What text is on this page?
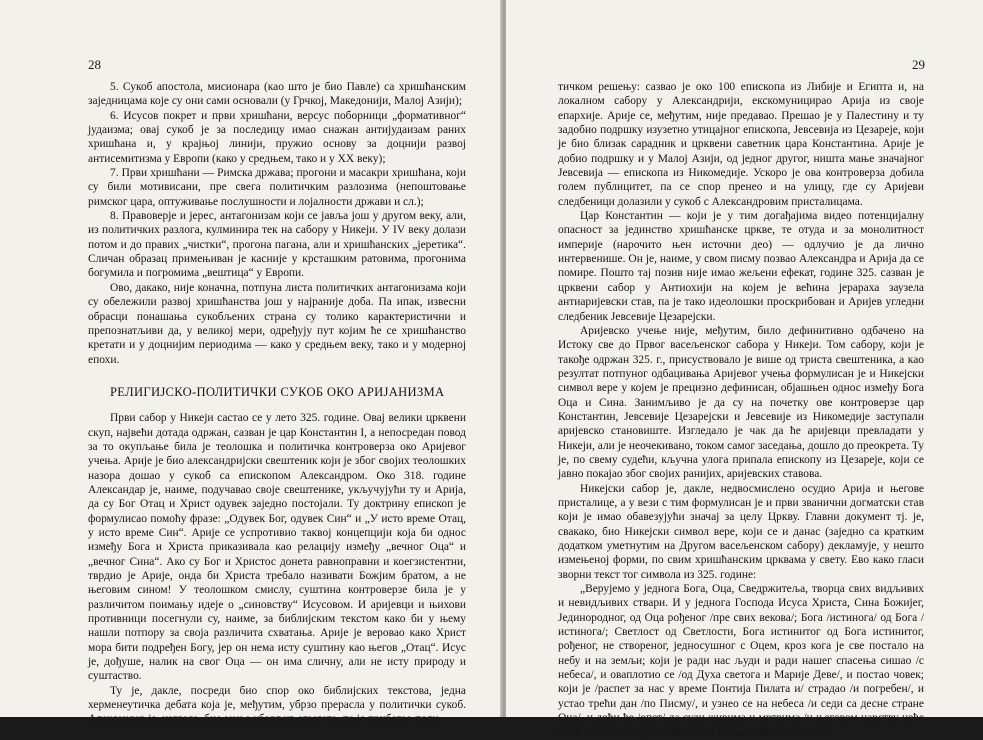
28

5. Сукоб апостола, мисионара (као што је био Павле) са хришћанским заједницама које су они сами основали (у Грчкој, Македонији, Малој Азији);

6. Исусов покрет и први хришћани, версус поборници „формативног“ јудаизма; овај сукоб је за последицу имао снажан антијудаизам раних хришћана и, у крајњој линији, пружио основу за доцнији развој антисемитизма у Европи (како у средњем, тако и у XX веку);

7. Први хришћани — Римска држава; прогони и масакри хришћана, који су били мотивисани, пре свега политичким разлозима (непоштовање римског цара, оптуживање послушности и лојалности држави и сл.);

8. Правоверје и јерес, антагонизам који се јавља још у другом веку, али, из политичких разлога, кулминира тек на сабору у Никеји. У IV веку долази потом и до правих „чистки“, прогона пагана, али и хришћанских „јеретика“. Сличан образац примењиван је касније у крсташким ратовима, прогонима богумила и погромима „вештица“ у Европи.

Ово, дакако, није коначна, потпуна листа политичких антагонизама који су обележили развој хришћанства још у најраније доба. Па ипак, извесни обрасци понашања сукобљених страна су толико карактеристични и препознатљиви да, у великој мери, одређују пут којим ће се хришћанство кретати и у доцнијим периодима — како у средњем веку, тако и у модерној епохи.

РЕЛИГИЈСКО-ПОЛИТИЧКИ СУКОБ ОКО АРИЈАНИЗМА

Први сабор у Никеји састао се у лето 325. године. Овај велики црквени скуп, највећи дотада одржан, сазван је цар Константин I, а непосредан повод за то окупљање била је теолошка и политичка контроверза око Аријевог учења. Арије је био александријски свештеник који је због својих теолошких назора дошао у сукоб са епископом Александром. Око 318. године Александар је, наиме, подучавао своје свештенике, укључујући ту и Арија, да су Бог Отац и Христ одувек заједно постојали. Ту доктрину епископ је формулисао помоћу фразе: „Одувек Бог, одувек Син“ и „У исто време Отац, у исто време Син“. Арије се успротивио таквој концепцији која би однос између Бога и Христа приказивала као релацију између „вечног Оца“ и „вечног Сина“. Ако су Бог и Христос донета равноправни и коегзистентни, тврдио је Арије, онда би Христа требало називати Божјим братом, а не његовим сином! У теолошком смислу, суштина контроверзе била је у различитом поимању идеје о „синовству“ Исусовом. И аријевци и њихови противници посегнули су, наиме, за библијским текстом како би у њему нашли потпору за своја различита схватања. Арије је веровао како Христ мора бити подређен Богу, јер он нема исту суштину као његов „Отац“. Исус је, дођуше, налик на свог Оца — он има сличну, али не исту природу и суштаство.

Ту је, дакле, посреди био спор око библијских текстова, једна херменеутичка дебата која је, међутим, убрзо прерасла у политички сукоб. Александар је, изгледа, био мање убедљив егзегета, па је прибегао поли-

29

тичком решењу: сазвао је око 100 епископа из Либије и Египта и, на локалном сабору у Александрији, екскомуницирао Арија из своје епархије. Арије се, међутим, није предавао. Прешао је у Палестину и ту задобио подршку изузетно утицајног епископа, Јевсевија из Цезареје, који је био близак сарадник и црквени саветник цара Константина. Арије је добио подршку и у Малој Азији, од једног другог, ништа мање значајног Јевсевија — епископа из Никомедије. Ускоро је ова контроверза добила голем публицитет, па се спор пренео и на улицу, где су Аријеви следбеници долазили у сукоб с Александровим присталицама.

Цар Константин — који је у тим догађајима видео потенцијалну опасност за јединство хришћанске цркве, те отуда и за монолитност империје (нарочито њен источни део) — одлучио је да лично интервенише. Он је, наиме, у свом писму позвао Александра и Арија да се помире. Пошто тај позив није имао жељени ефекат, године 325. сазван је црквени сабор у Антиохији на којем је већина јерараха заузела антиаријевски став, па је тако идеолошки проскрибован и Аријев угледни следбеник Јевсевије Цезарејски.

Аријевско учење није, међутим, било дефинитивно одбачено на Истоку све до Првог васељенског сабора у Никеји. Том сабору, који је такође одржан 325. г., присуствовало је више од триста свештеника, а као резултат потпуног одбацивања Аријевог учења формулисан је и Никејски символ вере у којем је прецизно дефинисан, објашњен однос између Бога Оца и Сина. Занимљиво је да су на почетку ове контроверзе цар Константин, Јевсевије Цезарејски и Јевсевије из Никомедије заступали аријевско становиште. Изгледало је чак да ће аријевци превладати у Никеји, али је неочекивано, током самог заседања, дошло до преокрета. Ту је, по свему судећи, кључна улога припала епископу из Цезареје, који се јавно покајао због својих ранијих, аријевских ставова.

Никејски сабор је, дакле, недвосмислено осудио Арија и његове присталице, а у вези с тим формулисан је и први званични догматски став који је имао обавезујући значај за целу Цркву. Главни документ тј. је, свакако, био Никејски символ вере, који се и данас (заједно са кратким додатком уметнутим на Другом васељенском сабору) декламује, у нешто измењеној форми, по свим хришћанским црквама у свету. Ево како гласи зворни текст тог символа из 325. године:

„Верујемо у једнога Бога, Оца, Сведржитеља, творца свих видљивих и невидљивих ствари. И у једнога Господа Исуса Христа, Сина Божијег, Јединородног, од Оца рођеног /пре свих векова/; Бога /истинога/ од Бога /истинога/; Светлост од Светлости, Бога истинитог од Бога истинитог, рођеног, не створеног, једносушног с Оцем, кроз кога је све постало на небу и на земљи; који је ради нас људи и ради нашег спасења сишао /с небеса/, и оваплотио се /од Духа светога и Марије Деве/, и постао човек; који је /распет за нас у време Понтија Пилата и/ страдао /и погребен/, и устао трећи дан /по Писму/, и узнео се на небеса /и седи са десне стране Оца/, и доћи ће /опет/ да суди живима и мртвима /и његовом царству неће бити краја/. И у Духа Светога. /Господа, Животворнога,
